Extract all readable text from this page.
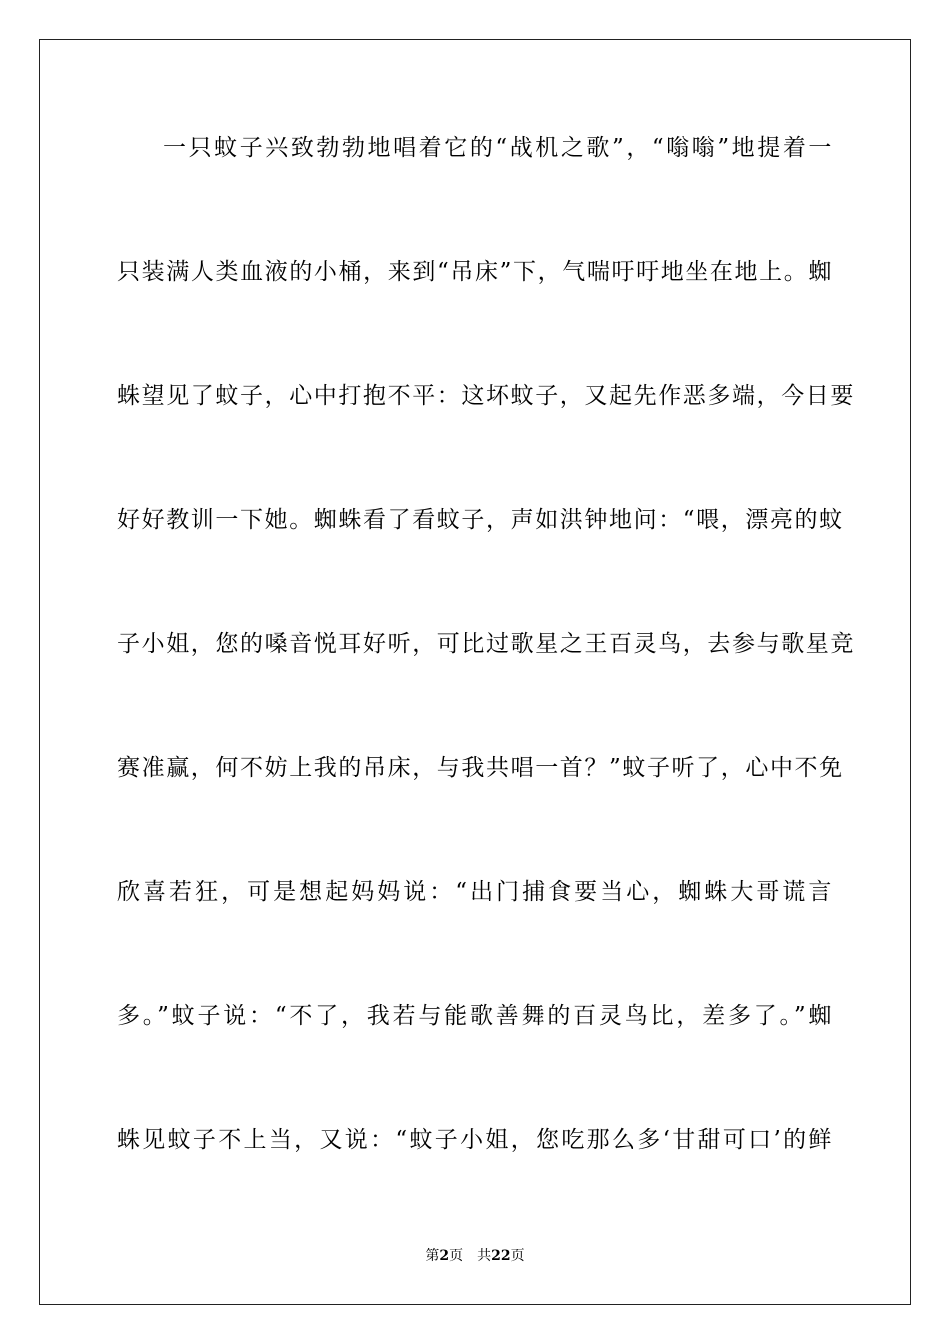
一只蚊子兴致勃勃地唱着它的“战机之歌”，“嗡嗡”地提着一
只装满人类血液的小桶，来到“吊床”下，气喘吁吁地坐在地上。蜘
蛛望见了蚊子，心中打抱不平：这坏蚊子，又起先作恶多端，今日要
好好教训一下她。蜘蛛看了看蚊子，声如洪钟地问：“喂，漂亮的蚊
子小姐，您的嗓音悦耳好听，可比过歌星之王百灵鸟，去参与歌星竞
赛准赢，何不妨上我的吊床，与我共唱一首？”蚊子听了，心中不免
欣喜若狂，可是想起妈妈说：“出门捕食要当心，蜘蛛大哥谎言
多。”蚊子说：“不了，我若与能歌善舞的百灵鸟比，差多了。”蜘
蛛见蚊子不上当，又说：“蚊子小姐，您吃那么多‘甘甜可口’的鲜
第2页 共22页
